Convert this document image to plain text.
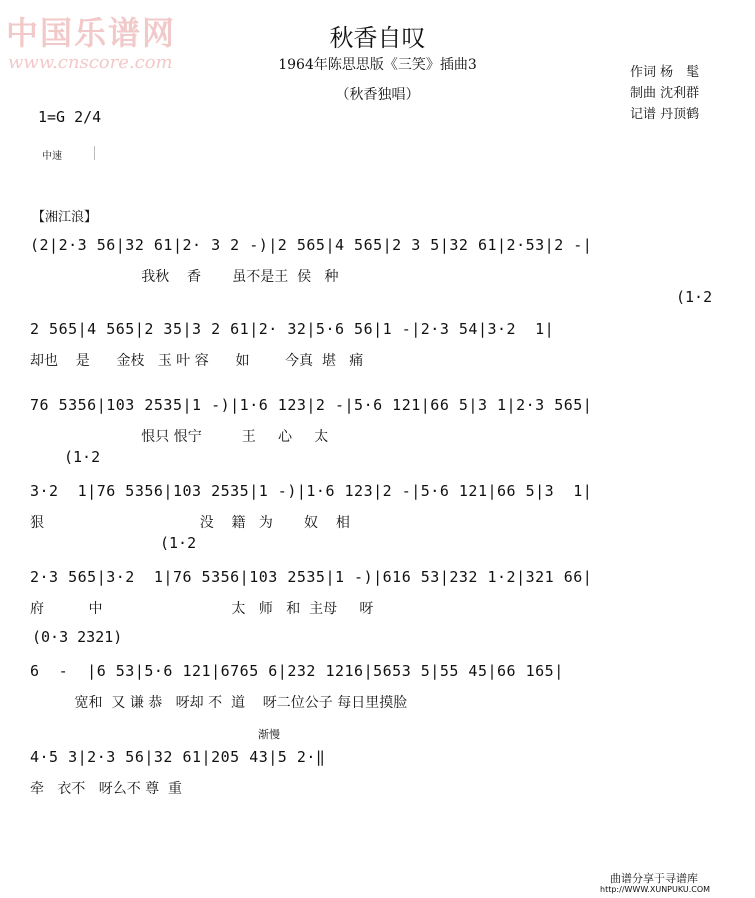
中国乐谱网
www.cnscore.com
秋香自叹
1964年陈思思版《三笑》插曲3
（秋香独唱）
作词 杨　髦
制曲 沈利群
记谱 丹顶鹤
1=G 2/4
中速
【湘江浪】
(2|2·3 56|32 61|2· 3 2 -)|2 565|4 565|2 3 5|32 61|2·53|2 -|
我秋    香       虽不是王  侯   种
(1·2
2 565|4 565|2 35|3 2 61|2· 32|5·6 56|1 -|2·3 54|3·2  1|
却也    是      金枝   玉 叶 容      如        今真  堪   痛
76 5356|103 2535|1 -)|1·6 123|2 -|5·6 121|66 5|3 1|2·3 565|
恨只 恨宁         王     心     太
(1·2
3·2  1|76 5356|103 2535|1 -)|1·6 123|2 -|5·6 121|66 5|3  1|
狠                                   没    籍   为       奴    相
(1·2
2·3 565|3·2  1|76 5356|103 2535|1 -)|616 53|232 1·2|321 66|
府          中                             太   师   和  主母     呀
(0·3 2321)
6  -  |6 53|5·6 121|6765 6|232 1216|5653 5|55 45|66 165|
宽和  又 谦 恭   呀却 不  道    呀二位公子 每日里摸脸
渐慢
4·5 3|2·3 56|32 61|205 43|5 2·‖
牵   衣不   呀么不 尊  重
曲谱分享于寻谱库
http://WWW.XUNPUKU.COM
